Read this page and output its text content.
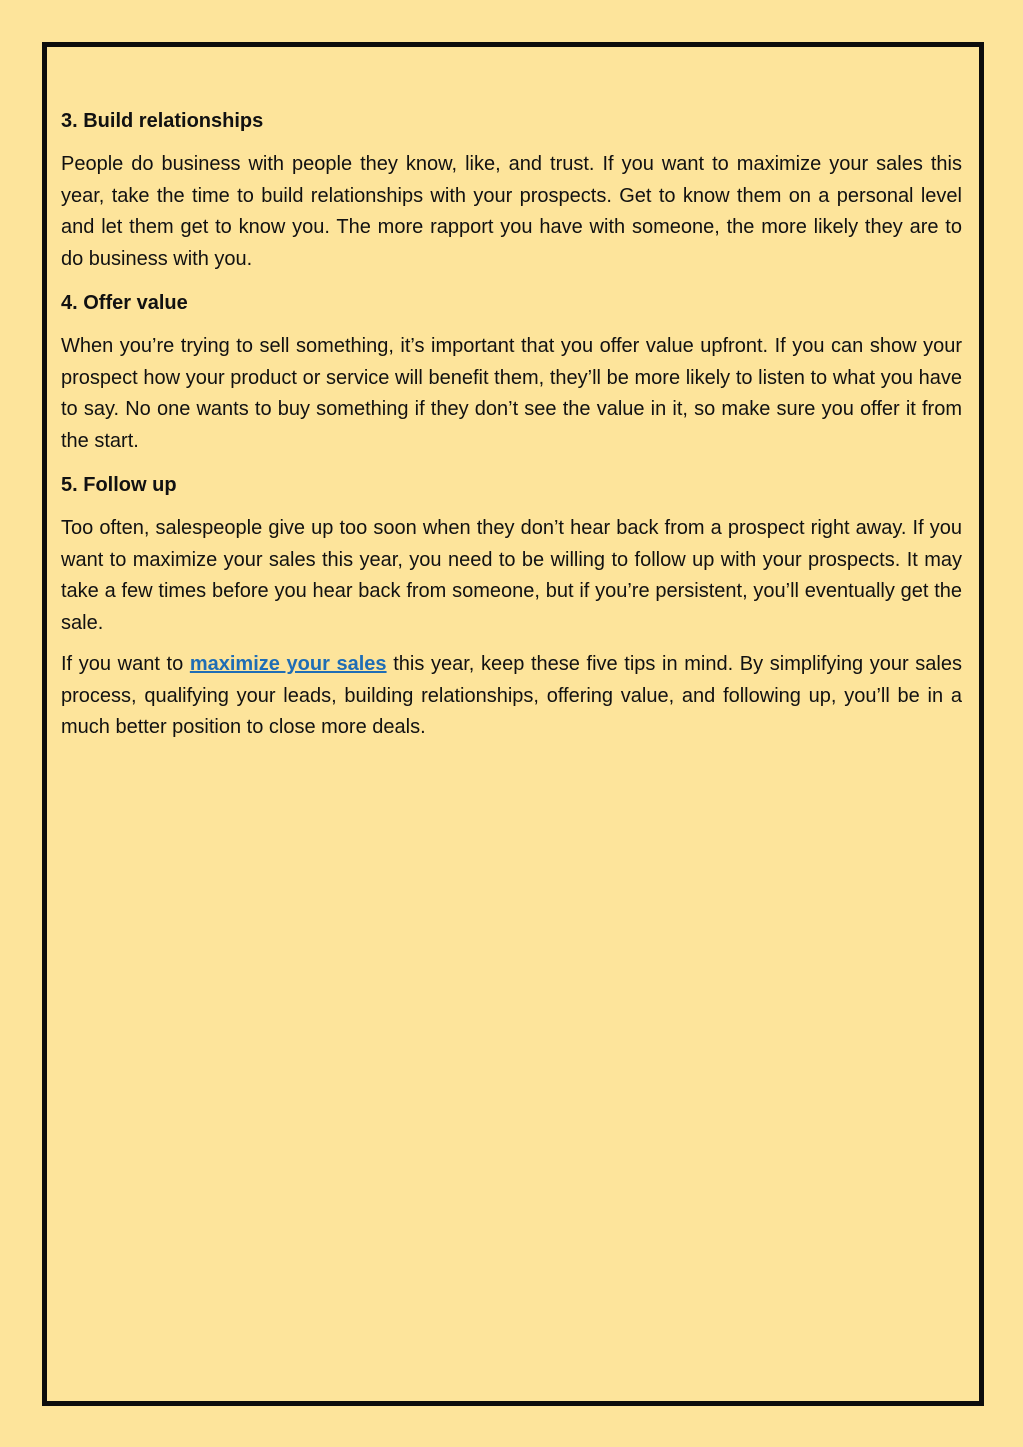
3. Build relationships

People do business with people they know, like, and trust. If you want to maximize your sales this year, take the time to build relationships with your prospects. Get to know them on a personal level and let them get to know you. The more rapport you have with someone, the more likely they are to do business with you.

4. Offer value

When you’re trying to sell something, it’s important that you offer value upfront. If you can show your prospect how your product or service will benefit them, they’ll be more likely to listen to what you have to say. No one wants to buy something if they don’t see the value in it, so make sure you offer it from the start.

5. Follow up

Too often, salespeople give up too soon when they don’t hear back from a prospect right away. If you want to maximize your sales this year, you need to be willing to follow up with your prospects. It may take a few times before you hear back from someone, but if you’re persistent, you’ll eventually get the sale.

If you want to maximize your sales this year, keep these five tips in mind. By simplifying your sales process, qualifying your leads, building relationships, offering value, and following up, you’ll be in a much better position to close more deals.
